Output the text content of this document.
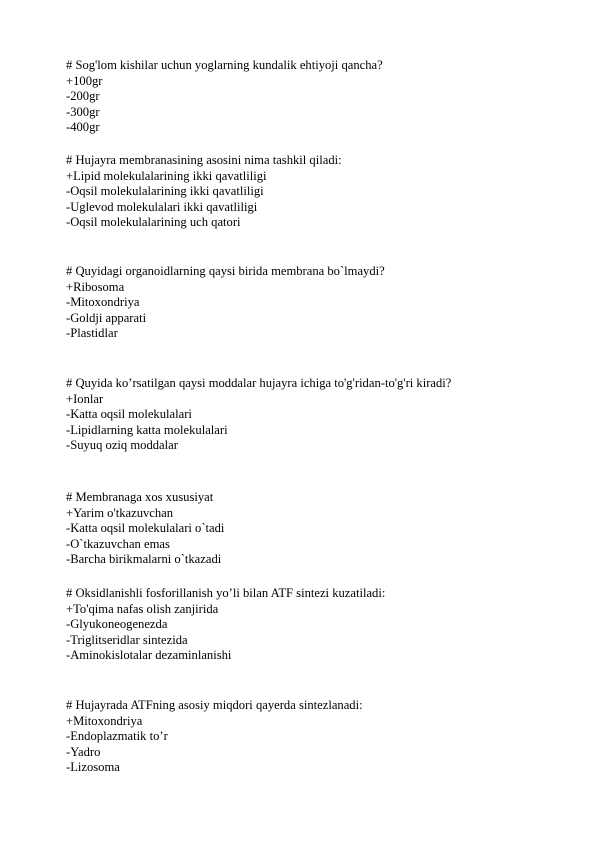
# Sog'lom kishilar uchun yoglarning kundalik ehtiyoji qancha?
+100gr
-200gr
-300gr
-400gr
# Hujayra membranasining asosini nima tashkil qiladi:
+Lipid molekulalarining ikki qavatliligi
-Oqsil molekulalarining ikki qavatliligi
-Uglevod molekulalari ikki qavatliligi
-Oqsil molekulalarining uch qatori
# Quyidagi organoidlarning qaysi birida membrana bo`lmaydi?
+Ribosoma
-Mitoxondriya
-Goldji apparati
-Plastidlar
# Quyida ko’rsatilgan qaysi moddalar hujayra ichiga to'g'ridan-to'g'ri kiradi?
+Ionlar
-Katta oqsil molekulalari
-Lipidlarning katta molekulalari
-Suyuq oziq moddalar
# Membranaga xos xususiyat
+Yarim o'tkazuvchan
-Katta oqsil molekulalari o`tadi
-O`tkazuvchan emas
-Barcha birikmalarni o`tkazadi
# Oksidlanishli fosforillanish yo’li bilan ATF sintezi kuzatiladi:
+To'qima nafas olish zanjirida
-Glyukoneogenezda
-Triglitseridlar sintezida
-Aminokislotalar dezaminlanishi
# Hujayrada ATFning asosiy miqdori qayerda sintezlanadi:
+Mitoxondriya
-Endoplazmatik to’r
-Yadro
-Lizosoma
